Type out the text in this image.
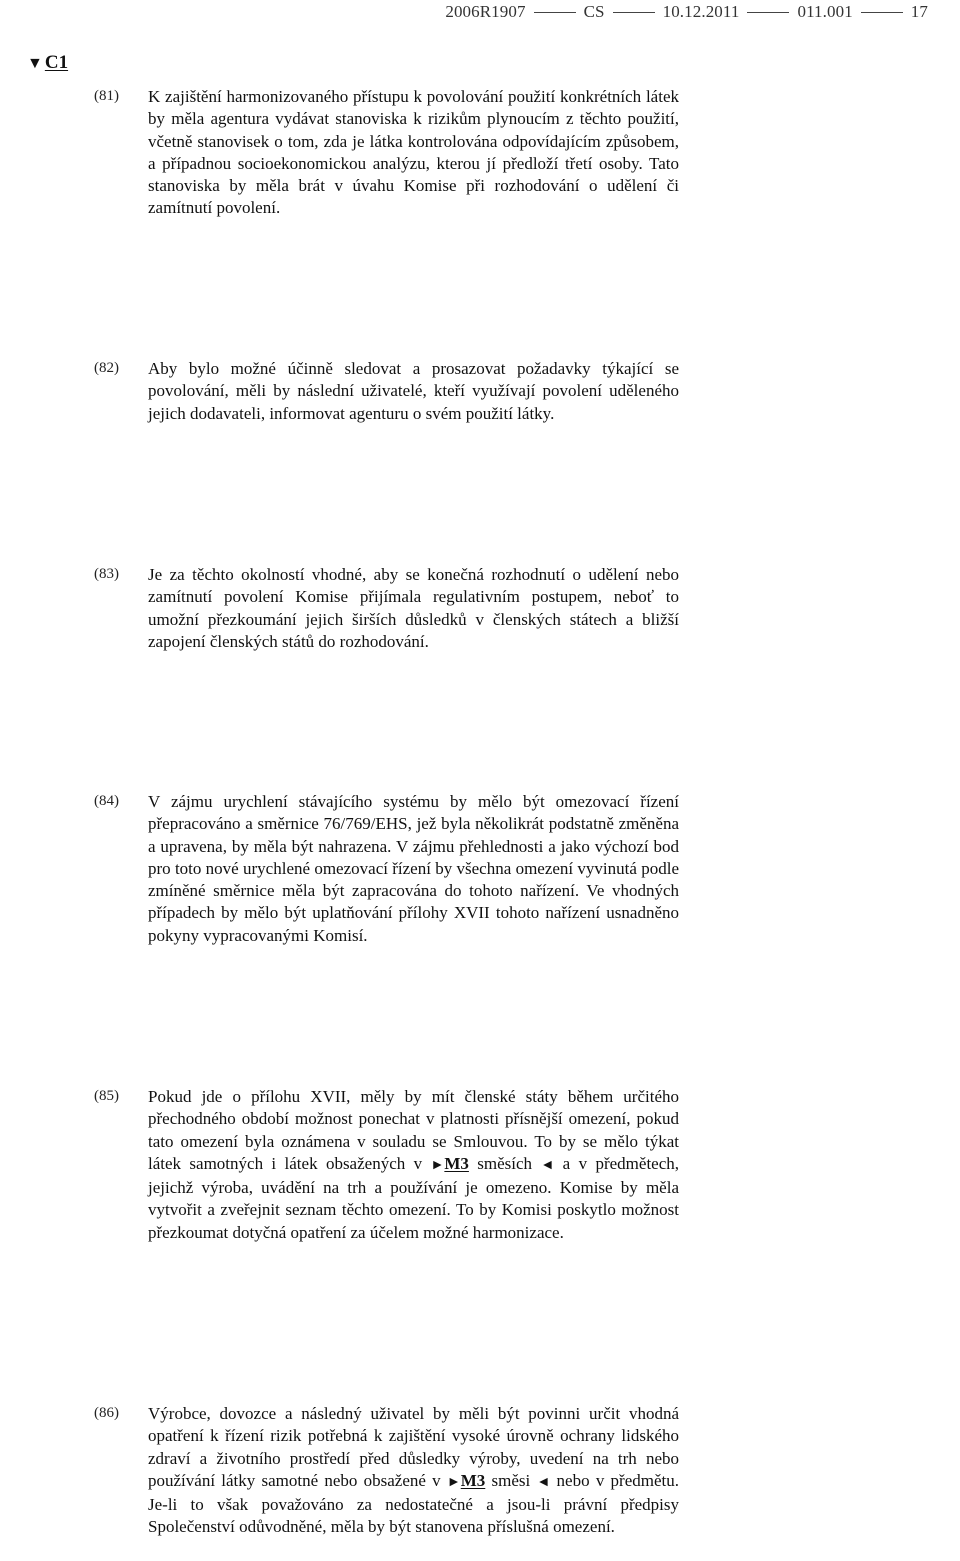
2006R1907	CS	10.12.2011	011.001	17
▼ C1
(81) K zajištění harmonizovaného přístupu k povolování použití konkrétních látek by měla agentura vydávat stanoviska k rizikům plynoucím z těchto použití, včetně stanovisek o tom, zda je látka kontrolována odpovídajícím způsobem, a případnou socioekonomickou analýzu, kterou jí předloží třetí osoby. Tato stanoviska by měla brát v úvahu Komise při rozhodování o udělení či zamítnutí povolení.
(82) Aby bylo možné účinně sledovat a prosazovat požadavky týkající se povolování, měli by následní uživatelé, kteří využívají povolení uděleného jejich dodavateli, informovat agenturu o svém použití látky.
(83) Je za těchto okolností vhodné, aby se konečná rozhodnutí o udělení nebo zamítnutí povolení Komise přijímala regulativním postupem, neboť to umožní přezkoumání jejich širších důsledků v členských státech a bližší zapojení členských států do rozhodování.
(84) V zájmu urychlení stávajícího systému by mělo být omezovací řízení přepracováno a směrnice 76/769/EHS, jež byla několikrát podstatně změněna a upravena, by měla být nahrazena. V zájmu přehlednosti a jako výchozí bod pro toto nové urychlené omezovací řízení by všechna omezení vyvinutá podle zmíněné směrnice měla být zapracována do tohoto nařízení. Ve vhodných případech by mělo být uplatňování přílohy XVII tohoto nařízení usnadněno pokyny vypracovanými Komisí.
(85) Pokud jde o přílohu XVII, měly by mít členské státy během určitého přechodného období možnost ponechat v platnosti přísnější omezení, pokud tato omezení byla oznámena v souladu se Smlouvou. To by se mělo týkat látek samotných i látek obsažených v ►M3 směsích ◄ a v předmětech, jejichž výroba, uvádění na trh a používání je omezeno. Komise by měla vytvořit a zveřejnit seznam těchto omezení. To by Komisi poskytlo možnost přezkoumat dotyčná opatření za účelem možné harmonizace.
(86) Výrobce, dovozce a následný uživatel by měli být povinni určit vhodná opatření k řízení rizik potřebná k zajištění vysoké úrovně ochrany lidského zdraví a životního prostředí před důsledky výroby, uvedení na trh nebo používání látky samotné nebo obsažené v ►M3 směsi ◄ nebo v předmětu. Je-li to však považováno za nedostatečné a jsou-li právní předpisy Společenství odůvodněné, měla by být stanovena příslušná omezení.
